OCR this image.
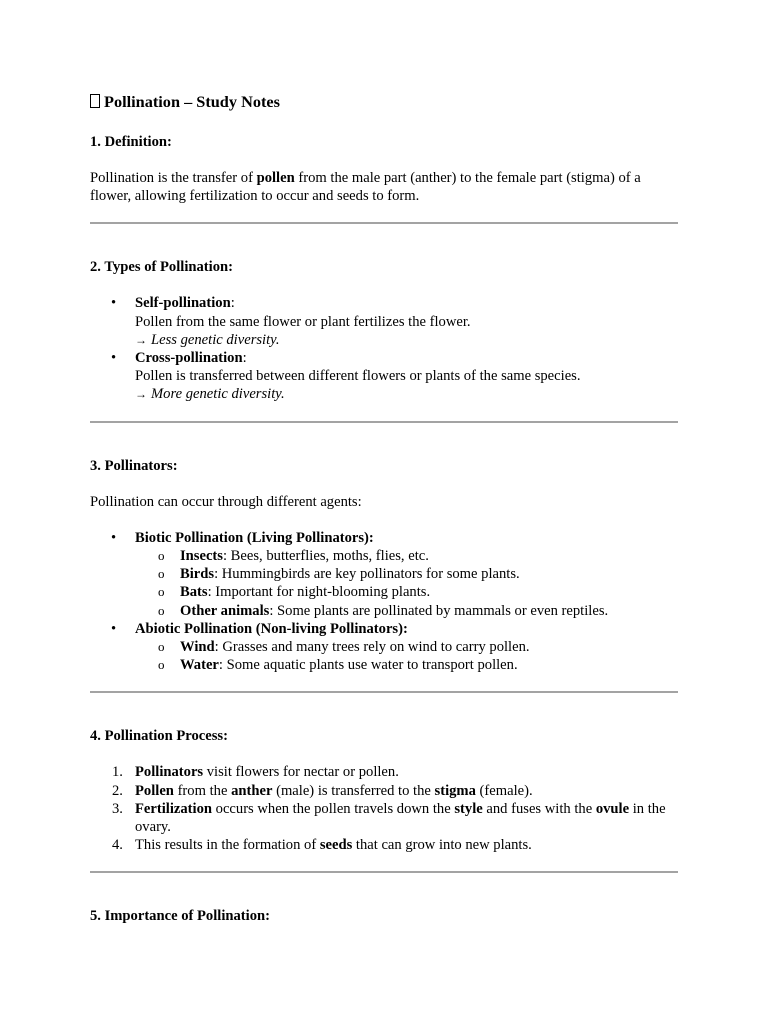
Pollination – Study Notes
1. Definition:

Pollination is the transfer of pollen from the male part (anther) to the female part (stigma) of a flower, allowing fertilization to occur and seeds to form.

2. Types of Pollination:
• Self-pollination:
Pollen from the same flower or plant fertilizes the flower.
→ Less genetic diversity.
• Cross-pollination:
Pollen is transferred between different flowers or plants of the same species.
→ More genetic diversity.
3. Pollinators:

Pollination can occur through different agents:

• Biotic Pollination (Living Pollinators):
o Insects: Bees, butterflies, moths, flies, etc.
o Birds: Hummingbirds are key pollinators for some plants.
o Bats: Important for night-blooming plants.
o Other animals: Some plants are pollinated by mammals or even reptiles.
• Abiotic Pollination (Non-living Pollinators):
o Wind: Grasses and many trees rely on wind to carry pollen.
o Water: Some aquatic plants use water to transport pollen.
4. Pollination Process:
1. Pollinators visit flowers for nectar or pollen.
2. Pollen from the anther (male) is transferred to the stigma (female).
3. Fertilization occurs when the pollen travels down the style and fuses with the ovule in the ovary.
4. This results in the formation of seeds that can grow into new plants.
5. Importance of Pollination:
